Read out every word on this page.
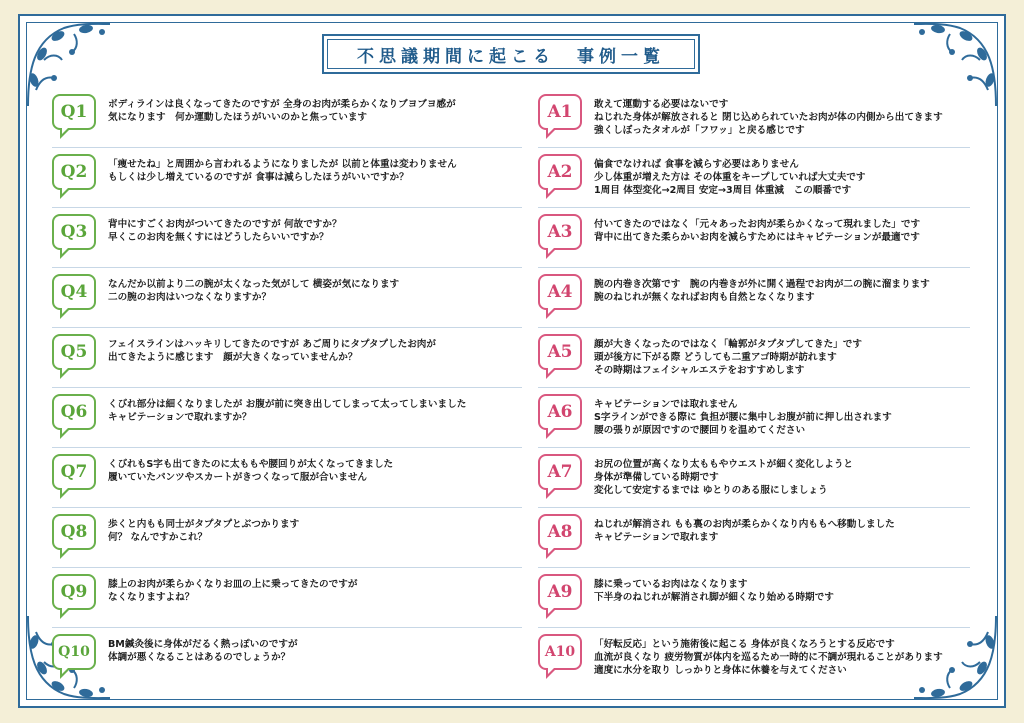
不思議期間に起こる　事例一覧
Q1	ボディラインは良くなってきたのですが 全身のお肉が柔らかくなりブヨブヨ感が
気になります　何か運動したほうがいいのかと焦っています
Q2	「痩せたね」と周囲から言われるようになりましたが 以前と体重は変わりません
もしくは少し増えているのですが 食事は減らしたほうがいいですか？
Q3	背中にすごくお肉がついてきたのですが 何故ですか？
早くこのお肉を無くすにはどうしたらいいですか？
Q4	なんだか以前より二の腕が太くなった気がして 横姿が気になります
二の腕のお肉はいつなくなりますか？
Q5	フェイスラインはハッキリしてきたのですが あご周りにタプタプしたお肉が
出てきたように感じます　顔が大きくなっていませんか？
Q6	くびれ部分は細くなりましたが お腹が前に突き出してしまって太ってしまいました
キャビテーションで取れますか？
Q7	くびれもS字も出てきたのに太ももや腰回りが太くなってきました
履いていたパンツやスカートがきつくなって服が合いません
Q8	歩くと内もも同士がタプタプとぶつかります
何？ なんですかこれ？
Q9	膝上のお肉が柔らかくなりお皿の上に乗ってきたのですが
なくなりますよね？
Q10	BM鍼灸後に身体がだるく熱っぽいのですが
体調が悪くなることはあるのでしょうか？
A1	敢えて運動する必要はないです
ねじれた身体が解放されると 閉じ込められていたお肉が体の内側から出てきます
強くしぼったタオルが「フワッ」と戻る感じです
A2	偏食でなければ 食事を減らす必要はありません
少し体重が増えた方は その体重をキープしていれば大丈夫です
1周目 体型変化→2周目 安定→3周目 体重減　この順番です
A3	付いてきたのではなく「元々あったお肉が柔らかくなって現れました」です
背中に出てきた柔らかいお肉を減らすためにはキャビテーションが最適です
A4	腕の内巻き次第です　腕の内巻きが外に開く過程でお肉が二の腕に溜まります
腕のねじれが無くなればお肉も自然となくなります
A5	顔が大きくなったのではなく「輪郭がタプタプしてきた」です
頭が後方に下がる際 どうしても二重アゴ時期が訪れます
その時期はフェイシャルエステをおすすめします
A6	キャビテーションでは取れません
S字ラインができる際に 負担が腰に集中しお腹が前に押し出されます
腰の張りが原因ですので腰回りを温めてください
A7	お尻の位置が高くなり太ももやウエストが細く変化しようと
身体が準備している時期です
変化して安定するまでは ゆとりのある服にしましょう
A8	ねじれが解消され もも裏のお肉が柔らかくなり内ももへ移動しました
キャビテーションで取れます
A9	膝に乗っているお肉はなくなります
下半身のねじれが解消され脚が細くなり始める時期です
A10	「好転反応」という施術後に起こる 身体が良くなろうとする反応です
血流が良くなり 疲労物質が体内を巡るため一時的に不調が現れることがあります
適度に水分を取り しっかりと身体に休養を与えてください
